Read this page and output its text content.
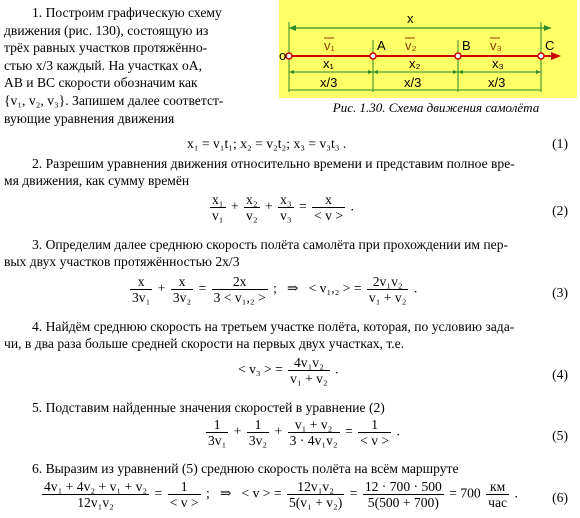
x
o
A	B	C
v₁	v₂	v₃
x₁	x₂	x₃
x/3	x/3	x/3
Рис. 1.30. Схема движения самолёта
1. Построим графическую схему
движения (рис. 130), состоящую из
трёх равных участков протяжённо-
стью x/3 каждый. На участках оА,
АВ и ВС скорости обозначим как
{v₁, v₂, v₃}. Запишем далее соответст-
вующие уравнения движения
x₁ = v₁t₁; x₂ = v₂t₂; x₃ = v₃t₃ .	(1)
2. Разрешим уравнения движения относительно времени и представим полное вре-
мя движения, как сумму времён
$\frac{\text{x₁}}{\text{v₁}} + \frac{\text{x₂}}{\text{v₂}} + \frac{\text{x₃}}{\text{v₃}} = \frac{x}{< v >}$ .	(2)
3. Определим далее среднюю скорость полёта самолёта при прохождении им пер-
вых двух участков протяжённостью 2x/3
$\frac{x}{\text{3v₁}} + \frac{x}{\text{3v₂}} = \frac{2x}{\text{3 < v₁,₂ >}}$ ;   ⇒   < v₁,₂ > = $\frac{\text{2v₁v₂}}{\text{v₁ + v₂}}$ .	(3)
4. Найдём среднюю скорость на третьем участке полёта, которая, по условию зада-
чи, в два раза больше средней скорости на первых двух участках, т.е.
< v₃ > = $\frac{\text{4v₁v₂}}{\text{v₁ + v₂}}$ .	(4)
5. Подставим найденные значения скоростей в уравнение (2)
$\frac{1}{\text{3v₁}} + \frac{1}{\text{3v₂}} + \frac{\text{v₁ + v₂}}{\text{3 · 4v₁v₂}} = \frac{1}{< v >}$ .	(5)
6. Выразим из уравнений (5) среднюю скорость полёта на всём маршруте
$\frac{\text{4v₁ + 4v₂ + v₁ + v₂}}{\text{12v₁v₂}} = \frac{1}{< v >}$ ;   ⇒   < v > = $\frac{\text{12v₁v₂}}{\text{5(v₁ + v₂)}} = \frac{12 \cdot 700 \cdot 500}{5(500 + 700)} = 700 \frac{км}{\text{час}}$ .	(6)
